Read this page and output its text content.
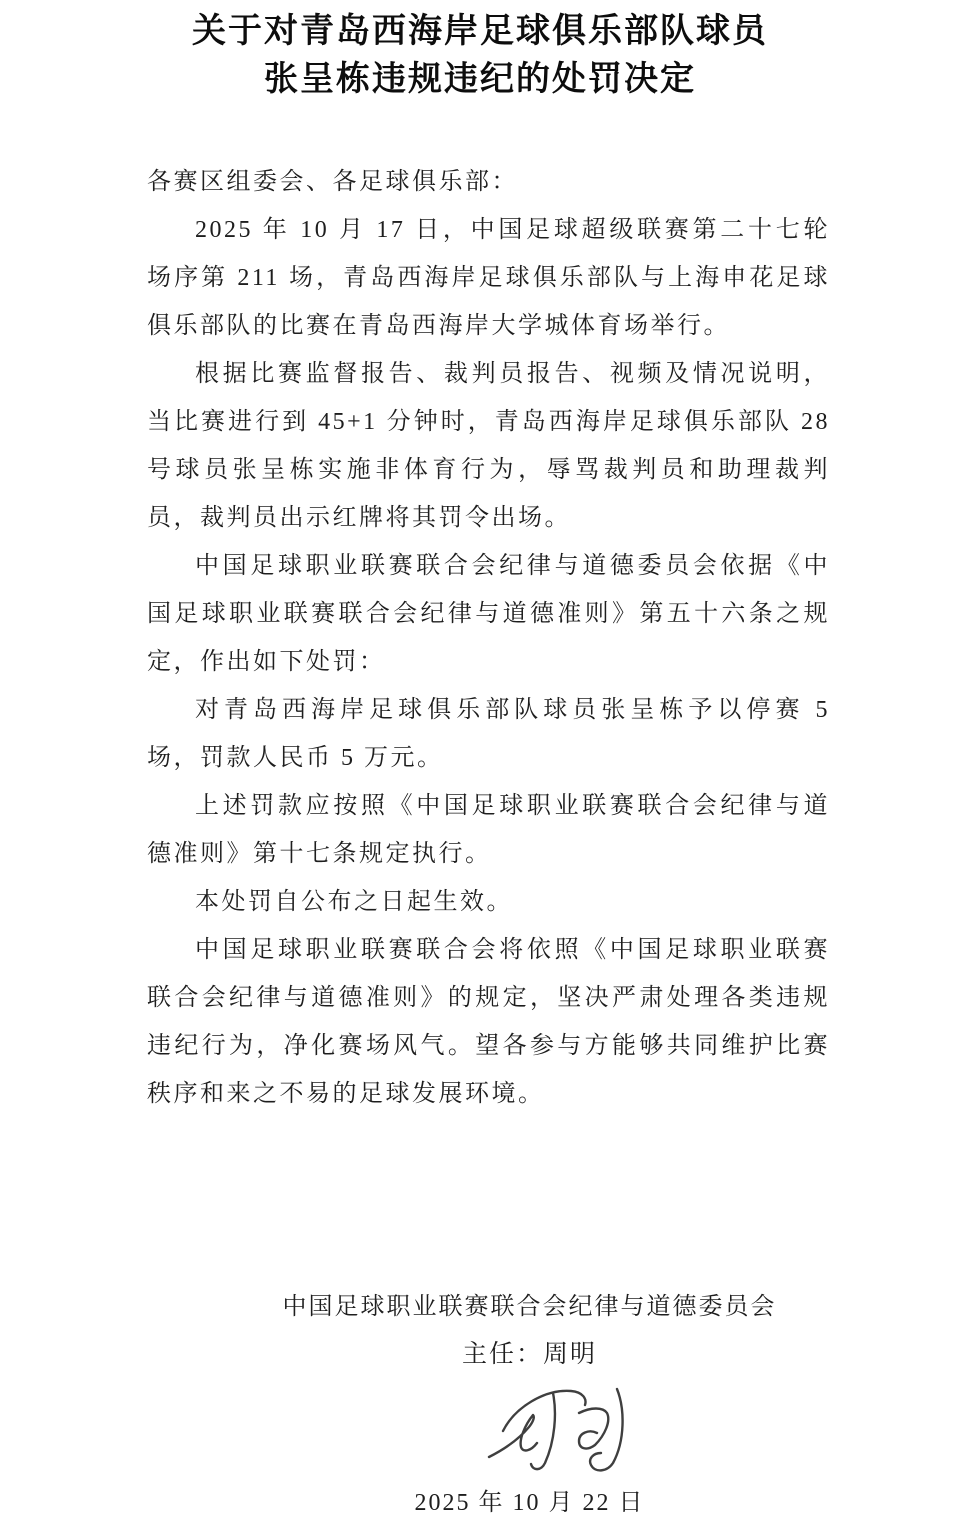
关于对青岛西海岸足球俱乐部队球员
张呈栋违规违纪的处罚决定

各赛区组委会、各足球俱乐部：

2025 年 10 月 17 日，中国足球超级联赛第二十七轮场序第 211 场，青岛西海岸足球俱乐部队与上海申花足球俱乐部队的比赛在青岛西海岸大学城体育场举行。

根据比赛监督报告、裁判员报告、视频及情况说明，当比赛进行到 45+1 分钟时，青岛西海岸足球俱乐部队 28 号球员张呈栋实施非体育行为，辱骂裁判员和助理裁判员，裁判员出示红牌将其罚令出场。

中国足球职业联赛联合会纪律与道德委员会依据《中国足球职业联赛联合会纪律与道德准则》第五十六条之规定，作出如下处罚：

对青岛西海岸足球俱乐部队球员张呈栋予以停赛 5 场，罚款人民币 5 万元。

上述罚款应按照《中国足球职业联赛联合会纪律与道德准则》第十七条规定执行。

本处罚自公布之日起生效。

中国足球职业联赛联合会将依照《中国足球职业联赛联合会纪律与道德准则》的规定，坚决严肃处理各类违规违纪行为，净化赛场风气。望各参与方能够共同维护比赛秩序和来之不易的足球发展环境。

中国足球职业联赛联合会纪律与道德委员会
主任：周明
2025 年 10 月 22 日
